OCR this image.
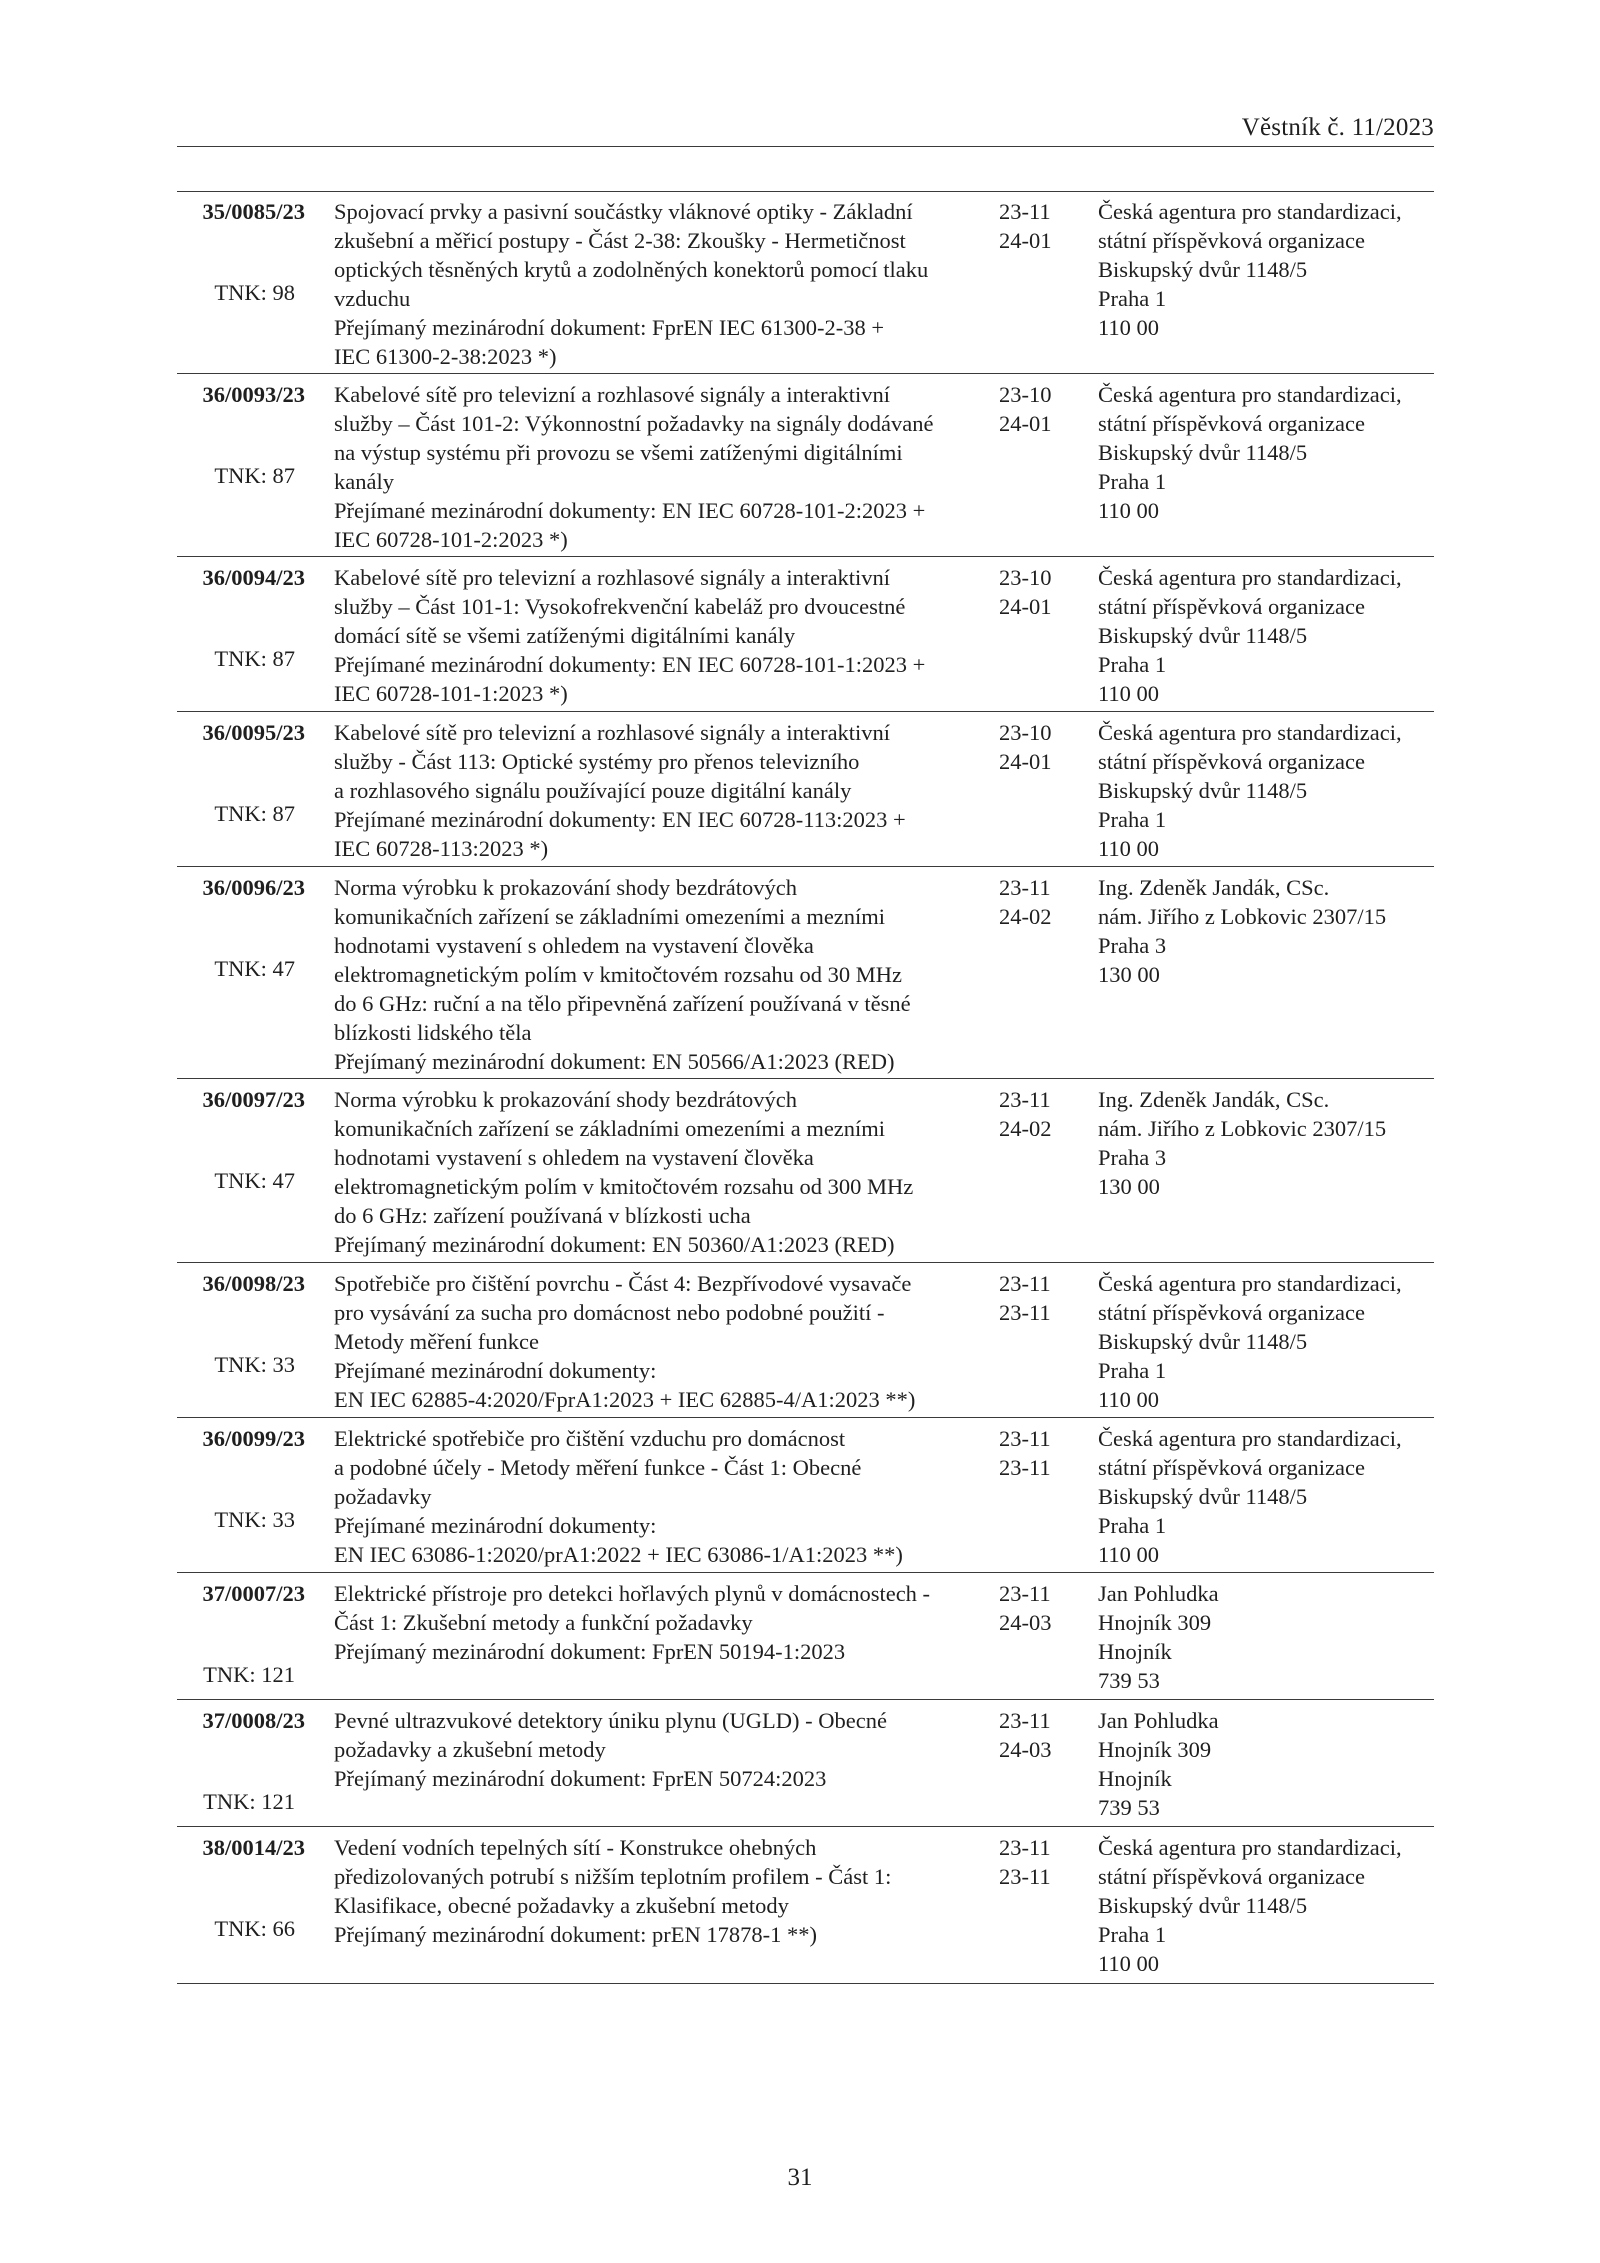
Věstník č. 11/2023
35/0085/23
TNK: 98
Spojovací prvky a pasivní součástky vláknové optiky - Základní
zkušební a měřicí postupy - Část 2-38: Zkoušky - Hermetičnost
optických těsněných krytů a zodolněných konektorů pomocí tlaku
vzduchu
Přejímaný mezinárodní dokument: FprEN IEC 61300-2-38 +
IEC 61300-2-38:2023 *)
23-11
24-01
Česká agentura pro standardizaci,
státní příspěvková organizace
Biskupský dvůr 1148/5
Praha 1
110 00
36/0093/23
TNK: 87
Kabelové sítě pro televizní a rozhlasové signály a interaktivní
služby – Část 101-2: Výkonnostní požadavky na signály dodávané
na výstup systému při provozu se všemi zatíženými digitálními
kanály
Přejímané mezinárodní dokumenty: EN IEC 60728-101-2:2023 +
IEC 60728-101-2:2023 *)
23-10
24-01
Česká agentura pro standardizaci,
státní příspěvková organizace
Biskupský dvůr 1148/5
Praha 1
110 00
36/0094/23
TNK: 87
Kabelové sítě pro televizní a rozhlasové signály a interaktivní
služby – Část 101-1: Vysokofrekvenční kabeláž pro dvoucestné
domácí sítě se všemi zatíženými digitálními kanály
Přejímané mezinárodní dokumenty: EN IEC 60728-101-1:2023 +
IEC 60728-101-1:2023 *)
23-10
24-01
Česká agentura pro standardizaci,
státní příspěvková organizace
Biskupský dvůr 1148/5
Praha 1
110 00
36/0095/23
TNK: 87
Kabelové sítě pro televizní a rozhlasové signály a interaktivní
služby - Část 113: Optické systémy pro přenos televizního
a rozhlasového signálu používající pouze digitální kanály
Přejímané mezinárodní dokumenty: EN IEC 60728-113:2023 +
IEC 60728-113:2023 *)
23-10
24-01
Česká agentura pro standardizaci,
státní příspěvková organizace
Biskupský dvůr 1148/5
Praha 1
110 00
36/0096/23
TNK: 47
Norma výrobku k prokazování shody bezdrátových
komunikačních zařízení se základními omezeními a mezními
hodnotami vystavení s ohledem na vystavení člověka
elektromagnetickým polím v kmitočtovém rozsahu od 30 MHz
do 6 GHz: ruční a na tělo připevněná zařízení používaná v těsné
blízkosti lidského těla
Přejímaný mezinárodní dokument: EN 50566/A1:2023 (RED)
23-11
24-02
Ing. Zdeněk Jandák, CSc.
nám. Jiřího z Lobkovic 2307/15
Praha 3
130 00
36/0097/23
TNK: 47
Norma výrobku k prokazování shody bezdrátových
komunikačních zařízení se základními omezeními a mezními
hodnotami vystavení s ohledem na vystavení člověka
elektromagnetickým polím v kmitočtovém rozsahu od 300 MHz
do 6 GHz: zařízení používaná v blízkosti ucha
Přejímaný mezinárodní dokument: EN 50360/A1:2023 (RED)
23-11
24-02
Ing. Zdeněk Jandák, CSc.
nám. Jiřího z Lobkovic 2307/15
Praha 3
130 00
36/0098/23
TNK: 33
Spotřebiče pro čištění povrchu - Část 4: Bezpřívodové vysavače
pro vysávání za sucha pro domácnost nebo podobné použití -
Metody měření funkce
Přejímané mezinárodní dokumenty:
EN IEC 62885-4:2020/FprA1:2023 + IEC 62885-4/A1:2023 **)
23-11
23-11
Česká agentura pro standardizaci,
státní příspěvková organizace
Biskupský dvůr 1148/5
Praha 1
110 00
36/0099/23
TNK: 33
Elektrické spotřebiče pro čištění vzduchu pro domácnost
a podobné účely - Metody měření funkce - Část 1: Obecné
požadavky
Přejímané mezinárodní dokumenty:
EN IEC 63086-1:2020/prA1:2022 + IEC 63086-1/A1:2023 **)
23-11
23-11
Česká agentura pro standardizaci,
státní příspěvková organizace
Biskupský dvůr 1148/5
Praha 1
110 00
37/0007/23
TNK: 121
Elektrické přístroje pro detekci hořlavých plynů v domácnostech -
Část 1: Zkušební metody a funkční požadavky
Přejímaný mezinárodní dokument: FprEN 50194-1:2023
23-11
24-03
Jan Pohludka
Hnojník 309
Hnojník
739 53
37/0008/23
TNK: 121
Pevné ultrazvukové detektory úniku plynu (UGLD) - Obecné
požadavky a zkušební metody
Přejímaný mezinárodní dokument: FprEN 50724:2023
23-11
24-03
Jan Pohludka
Hnojník 309
Hnojník
739 53
38/0014/23
TNK: 66
Vedení vodních tepelných sítí - Konstrukce ohebných
předizolovaných potrubí s nižším teplotním profilem - Část 1:
Klasifikace, obecné požadavky a zkušební metody
Přejímaný mezinárodní dokument: prEN 17878-1 **)
23-11
23-11
Česká agentura pro standardizaci,
státní příspěvková organizace
Biskupský dvůr 1148/5
Praha 1
110 00
31
